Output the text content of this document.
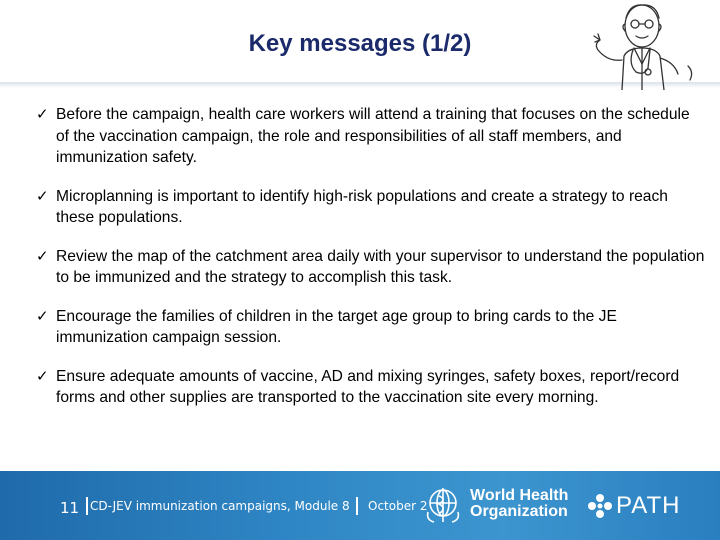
Key messages (1/2)
✓ Before the campaign, health care workers will attend a training that focuses on the schedule of the vaccination campaign, the role and responsibilities of all staff members, and immunization safety.
✓ Microplanning is important to identify high-risk populations and create a strategy to reach these populations.
✓ Review the map of the catchment area daily with your supervisor to understand the population to be immunized and the strategy to accomplish this task.
✓ Encourage the families of children in the target age group to bring cards to the JE immunization campaign session.
✓ Ensure adequate amounts of vaccine, AD and mixing syringes, safety boxes, report/record forms and other supplies are transported to the vaccination site every morning.
11 CD-JEV immunization campaigns, Module 8 October 2
World Health
Organization PATH
